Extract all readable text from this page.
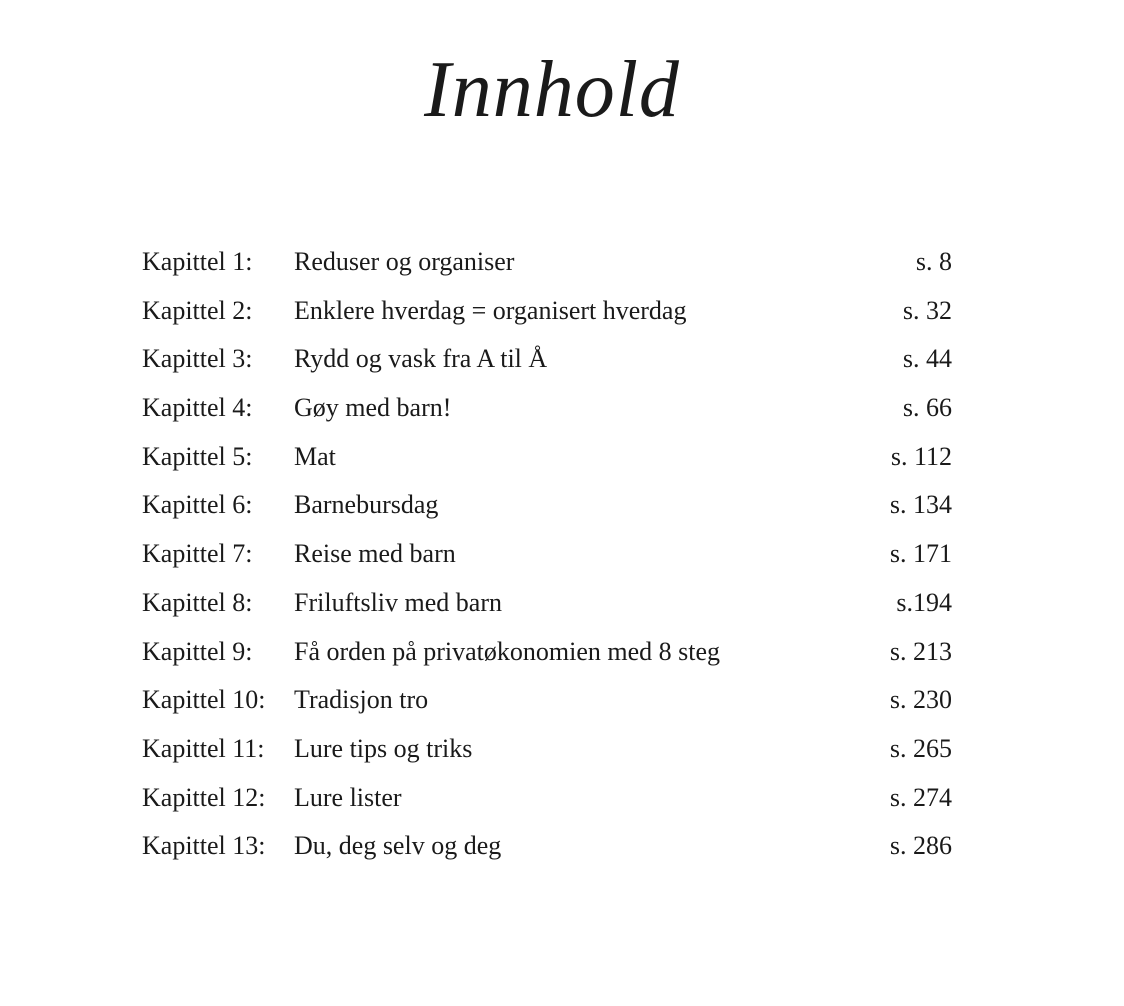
Innhold
Kapittel 1:	Reduser og organiser	s. 8
Kapittel 2:	Enklere hverdag = organisert hverdag	s. 32
Kapittel 3:	Rydd og vask fra A til Å	s. 44
Kapittel 4:	Gøy med barn!	s. 66
Kapittel 5:	Mat	s. 112
Kapittel 6:	Barnebursdag	s. 134
Kapittel 7:	Reise med barn	s. 171
Kapittel 8:	Friluftsliv med barn	s.194
Kapittel 9:	Få orden på privatøkonomien med 8 steg	s. 213
Kapittel 10:	Tradisjon tro	s. 230
Kapittel 11:	Lure tips og triks	s. 265
Kapittel 12:	Lure lister	s. 274
Kapittel 13:	Du, deg selv og deg	s. 286
